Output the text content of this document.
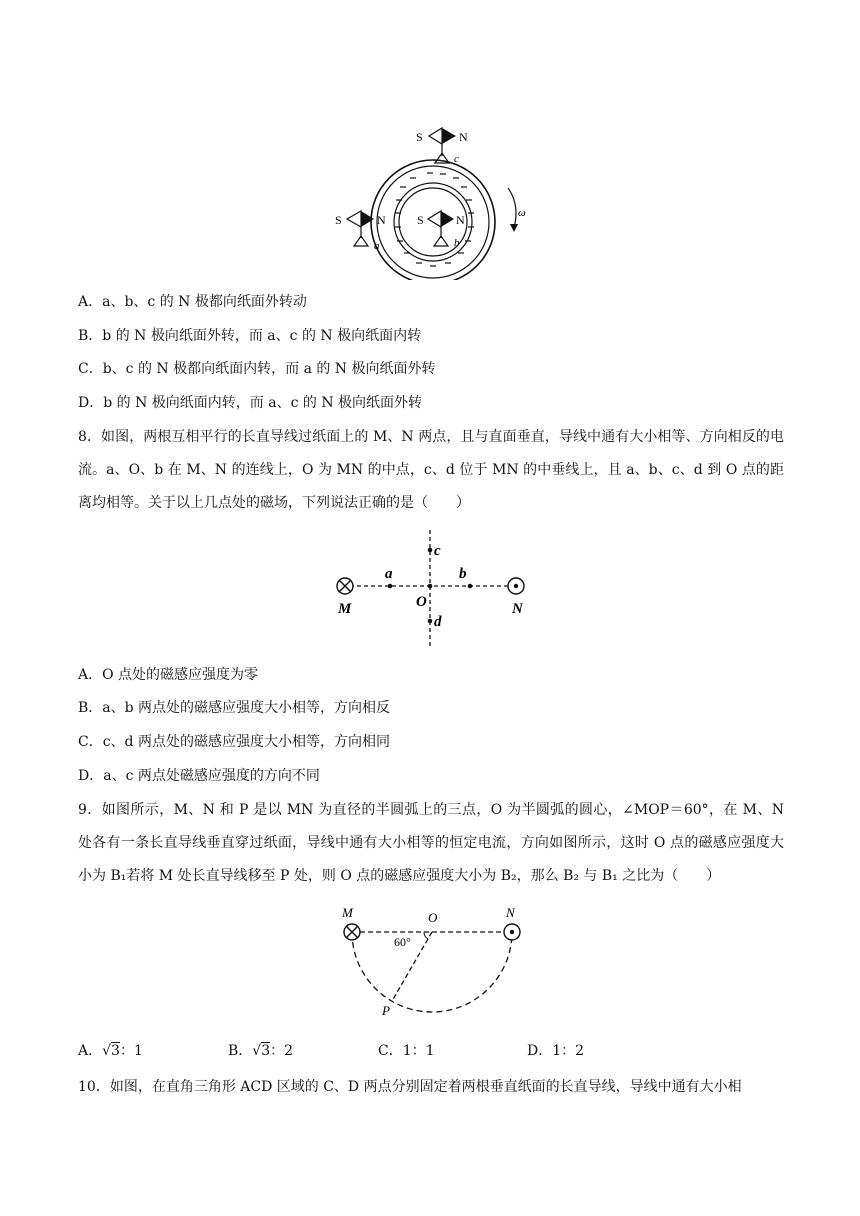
ω
S	N
c
S	N
a
S	N
b
A．a、b、c 的 N 极都向纸面外转动
B．b 的 N 极向纸面外转，而 a、c 的 N 极向纸面内转
C．b、c 的 N 极都向纸面内转，而 a 的 N 极向纸面外转
D．b 的 N 极向纸面内转，而 a、c 的 N 极向纸面外转
8．如图，两根互相平行的长直导线过纸面上的 M、N 两点，且与直面垂直，导线中通有大小相等、方向相反的电流。a、O、b 在 M、N 的连线上，O 为 MN 的中点，c、d 位于 MN 的中垂线上，且 a、b、c、d 到 O 点的距离均相等。关于以上几点处的磁场，下列说法正确的是（　　）
M	N
O
a	b
c
d
A．O 点处的磁感应强度为零
B．a、b 两点处的磁感应强度大小相等，方向相反
C．c、d 两点处的磁感应强度大小相等，方向相同
D．a、c 两点处磁感应强度的方向不同
9．如图所示，M、N 和 P 是以 MN 为直径的半圆弧上的三点，O 为半圆弧的圆心，∠MOP＝60°，在 M、N 处各有一条长直导线垂直穿过纸面，导线中通有大小相等的恒定电流，方向如图所示，这时 O 点的磁感应强度大小为 B₁若将 M 处长直导线移至 P 处，则 O 点的磁感应强度大小为 B₂，那么 B₂ 与 B₁ 之比为（　　）
M	N
O
P
60°
A．√3：1	B．√3：2	C．1：1	D．1：2
10．如图，在直角三角形 ACD 区域的 C、D 两点分别固定着两根垂直纸面的长直导线，导线中通有大小相
